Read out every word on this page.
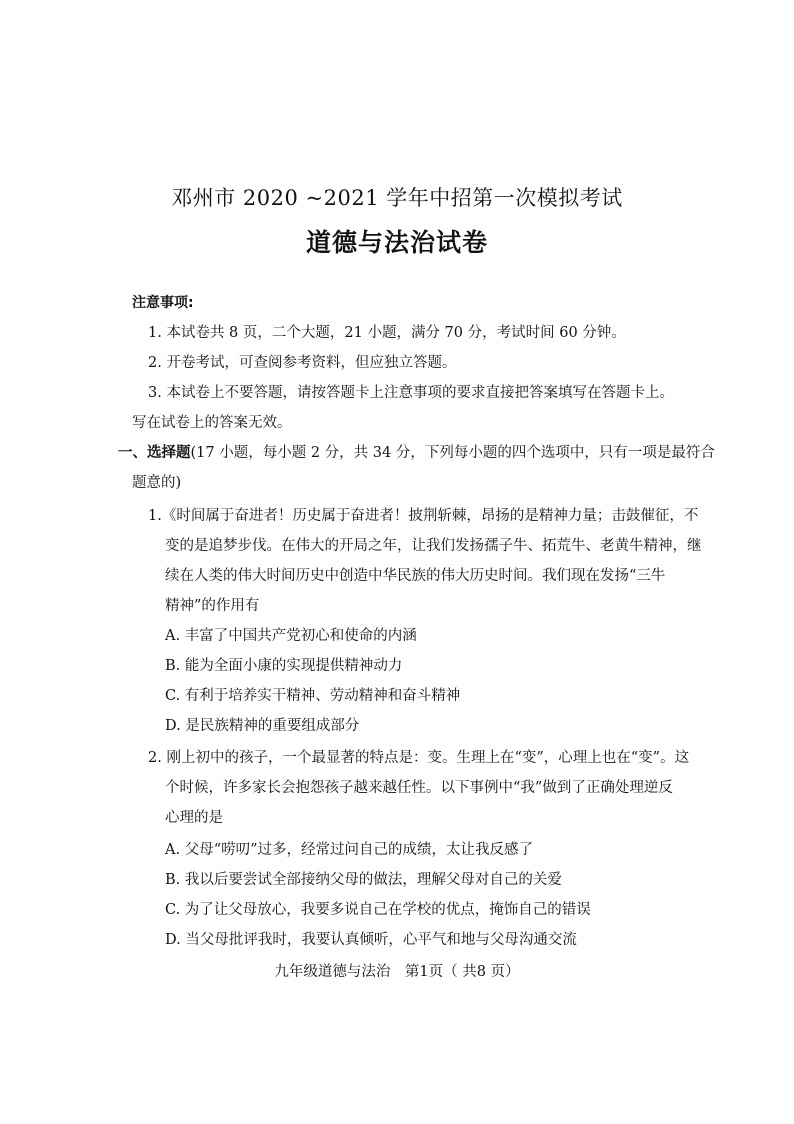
邓州市 2020 ~2021 学年中招第一次模拟考试
道德与法治试卷
注意事项:
1. 本试卷共 8 页，二个大题，21 小题，满分 70 分，考试时间 60 分钟。
2. 开卷考试，可查阅参考资料，但应独立答题。
3. 本试卷上不要答题，请按答题卡上注意事项的要求直接把答案填写在答题卡上。
写在试卷上的答案无效。
一、选择题(17 小题，每小题 2 分，共 34 分，下列每小题的四个选项中，只有一项是最符合
题意的)
1.《时间属于奋进者！历史属于奋进者！披荆斩棘，昂扬的是精神力量；击鼓催征，不
变的是追梦步伐。在伟大的开局之年，让我们发扬孺子牛、拓荒牛、老黄牛精神，继
续在人类的伟大时间历史中创造中华民族的伟大历史时间。我们现在发扬“三牛
精神”的作用有
A. 丰富了中国共产党初心和使命的内涵
B. 能为全面小康的实现提供精神动力
C. 有利于培养实干精神、劳动精神和奋斗精神
D. 是民族精神的重要组成部分
2. 刚上初中的孩子，一个最显著的特点是：变。生理上在“变”，心理上也在“变”。这
个时候，许多家长会抱怨孩子越来越任性。以下事例中“我”做到了正确处理逆反
心理的是
A. 父母“唠叨”过多，经常过问自己的成绩，太让我反感了
B. 我以后要尝试全部接纳父母的做法，理解父母对自己的关爱
C. 为了让父母放心，我要多说自己在学校的优点，掩饰自己的错误
D. 当父母批评我时，我要认真倾听，心平气和地与父母沟通交流
九年级道德与法治　第1页（ 共8 页）
